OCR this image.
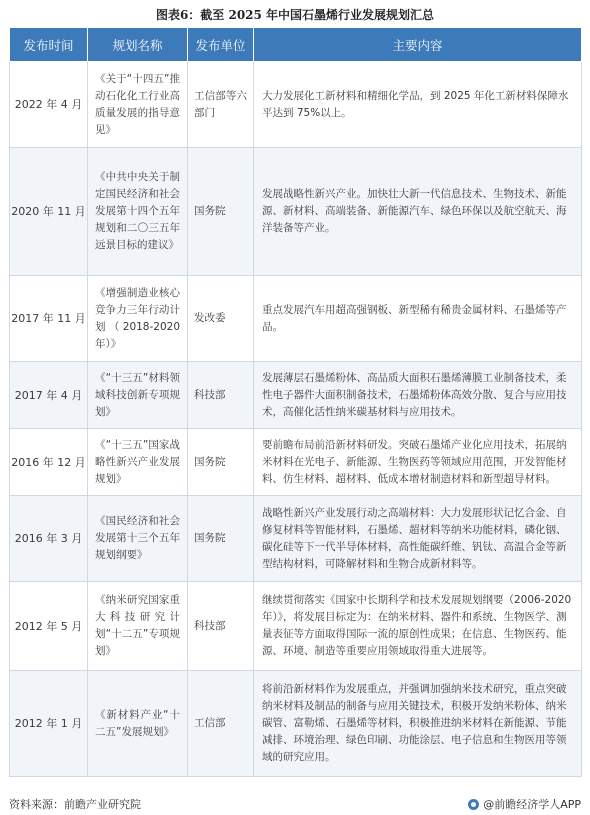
图表6：截至 2025 年中国石墨烯行业发展规划汇总
发布时间	规划名称	发布单位	主要内容
2022 年 4 月	《关于“十四五”推动石化化工行业高质量发展的指导意见》	工信部等六部门	大力发展化工新材料和精细化学品，到 2025 年化工新材料保障水平达到 75%以上。
2020 年 11 月	《中共中央关于制定国民经济和社会发展第十四个五年规划和二〇三五年远景目标的建议》	国务院	发展战略性新兴产业。加快壮大新一代信息技术、生物技术、新能源、新材料、高端装备、新能源汽车、绿色环保以及航空航天、海洋装备等产业。
2017 年 11 月	《增强制造业核心竞争力三年行动计划（2018-2020 年）》	发改委	重点发展汽车用超高强钢板、新型稀有稀贵金属材料、石墨烯等产品。
2017 年 4 月	《“十三五”材料领域科技创新专项规划》	科技部	发展薄层石墨烯粉体、高品质大面积石墨烯薄膜工业制备技术，柔性电子器件大面积制备技术，石墨烯粉体高效分散、复合与应用技术，高催化活性纳米碳基材料与应用技术。
2016 年 12 月	《“十三五”国家战略性新兴产业发展规划》	国务院	要前瞻布局前沿新材料研发。突破石墨烯产业化应用技术，拓展纳米材料在光电子、新能源、生物医药等领域应用范围，开发智能材料、仿生材料、超材料、低成本增材制造材料和新型超导材料。
2016 年 3 月	《国民经济和社会发展第十三个五年规划纲要》	国务院	战略性新兴产业发展行动之高端材料：大力发展形状记忆合金、自修复材料等智能材料，石墨烯、超材料等纳米功能材料，磷化铟、碳化硅等下一代半导体材料，高性能碳纤维、钒钛、高温合金等新型结构材料，可降解材料和生物合成新材料等。
2012 年 5 月	《纳米研究国家重大科技研究计划“十二五”专项规划》	科技部	继续贯彻落实《国家中长期科学和技术发展规划纲要（2006-2020 年）》，将发展目标定为：在纳米材料、器件和系统、生物医学、测量表征等方面取得国际一流的原创性成果；在信息、生物医药、能源、环境、制造等重要应用领域取得重大进展等。
2012 年 1 月	《新材料产业“十二五”发展规划》	工信部	将前沿新材料作为发展重点，并强调加强纳米技术研究，重点突破纳米材料及制品的制备与应用关键技术，积极开发纳米粉体、纳米碳管、富勒烯、石墨烯等材料，积极推进纳米材料在新能源、节能减排、环境治理、绿色印刷、功能涂层、电子信息和生物医用等领域的研究应用。
资料来源：前瞻产业研究院	@前瞻经济学人APP
